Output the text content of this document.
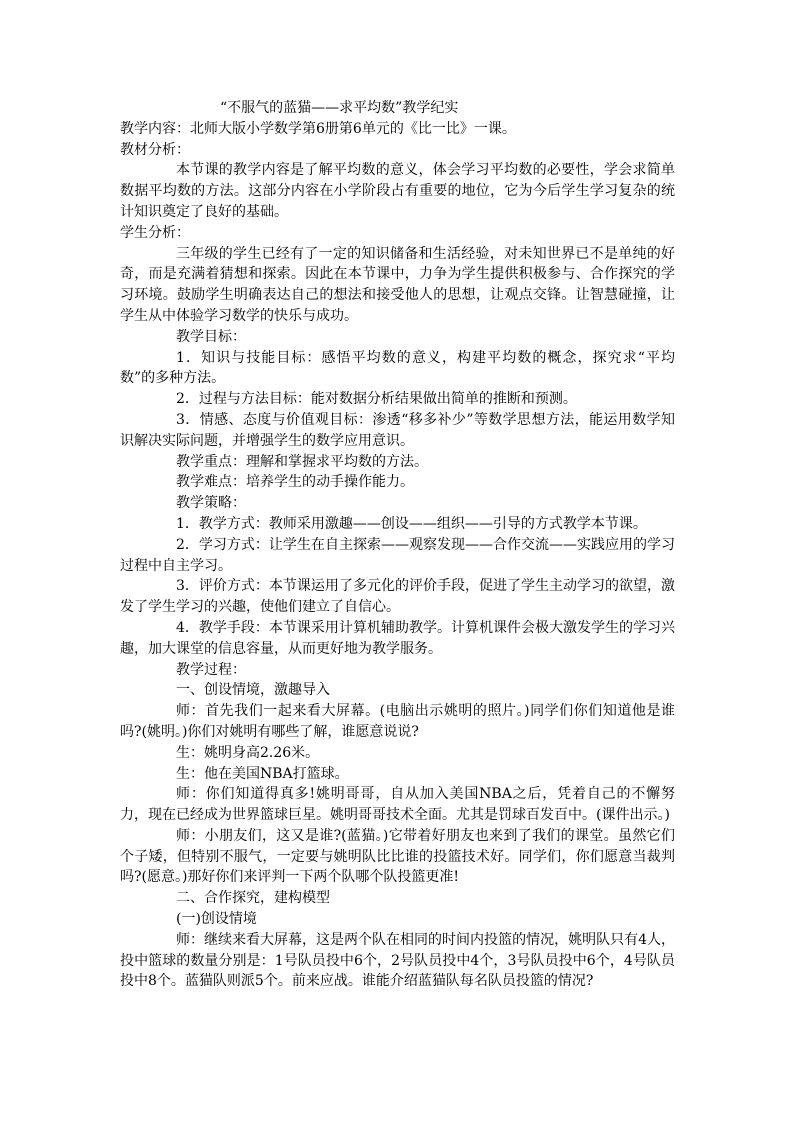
“不服气的蓝猫——求平均数”教学纪实

教学内容：北师大版小学数学第6册第6单元的《比一比》一课。

教材分析：

本节课的教学内容是了解平均数的意义，体会学习平均数的必要性，学会求简单数据平均数的方法。这部分内容在小学阶段占有重要的地位，它为今后学生学习复杂的统计知识奠定了良好的基础。

学生分析：

三年级的学生已经有了一定的知识储备和生活经验，对未知世界已不是单纯的好奇，而是充满着猜想和探索。因此在本节课中，力争为学生提供积极参与、合作探究的学习环境。鼓励学生明确表达自己的想法和接受他人的思想，让观点交锋。让智慧碰撞，让学生从中体验学习数学的快乐与成功。

教学目标：

1．知识与技能目标：感悟平均数的意义，构建平均数的概念，探究求“平均数”的多种方法。

2．过程与方法目标：能对数据分析结果做出简单的推断和预测。

3．情感、态度与价值观目标：渗透“移多补少”等数学思想方法，能运用数学知识解决实际问题，并增强学生的数学应用意识。

教学重点：理解和掌握求平均数的方法。

教学难点：培养学生的动手操作能力。

教学策略：

1．教学方式：教师采用激趣——创设——组织——引导的方式教学本节课。

2．学习方式：让学生在自主探索——观察发现——合作交流——实践应用的学习过程中自主学习。

3．评价方式：本节课运用了多元化的评价手段，促进了学生主动学习的欲望，激发了学生学习的兴趣，使他们建立了自信心。

4．教学手段：本节课采用计算机辅助教学。计算机课件会极大激发学生的学习兴趣，加大课堂的信息容量，从而更好地为教学服务。

教学过程：

一、创设情境，激趣导入

师：首先我们一起来看大屏幕。(电脑出示姚明的照片。)同学们你们知道他是谁吗?(姚明。)你们对姚明有哪些了解，谁愿意说说?

生：姚明身高2.26米。

生：他在美国NBA打篮球。

师：你们知道得真多!姚明哥哥，自从加入美国NBA之后，凭着自己的不懈努力，现在已经成为世界篮球巨星。姚明哥哥技术全面。尤其是罚球百发百中。(课件出示。)

师：小朋友们，这又是谁?(蓝猫。)它带着好朋友也来到了我们的课堂。虽然它们个子矮，但特别不服气，一定要与姚明队比比谁的投篮技术好。同学们，你们愿意当裁判吗?(愿意。)那好你们来评判一下两个队哪个队投篮更准!

二、合作探究，建构模型

(一)创设情境

师：继续来看大屏幕，这是两个队在相同的时间内投篮的情况，姚明队只有4人，投中篮球的数量分别是：1号队员投中6个，2号队员投中4个，3号队员投中6个，4号队员投中8个。蓝猫队则派5个。前来应战。谁能介绍蓝猫队每名队员投篮的情况?
